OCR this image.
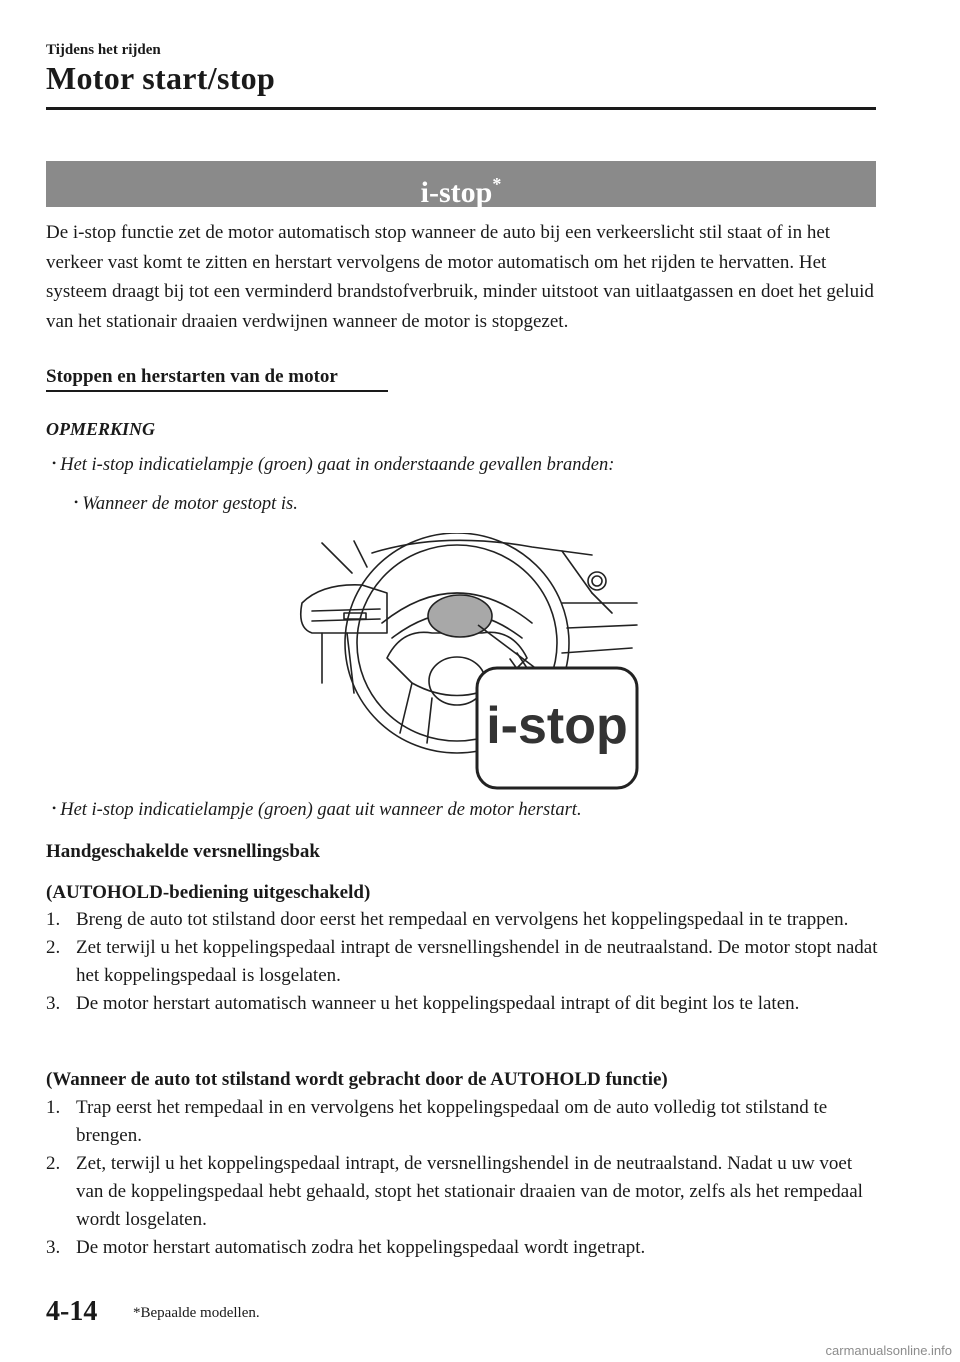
Tijdens het rijden
Motor start/stop
i-stop*
De i-stop functie zet de motor automatisch stop wanneer de auto bij een verkeerslicht stil staat of in het verkeer vast komt te zitten en herstart vervolgens de motor automatisch om het rijden te hervatten. Het systeem draagt bij tot een verminderd brandstofverbruik, minder uitstoot van uitlaatgassen en doet het geluid van het stationair draaien verdwijnen wanneer de motor is stopgezet.
Stoppen en herstarten van de motor
OPMERKING
• Het i-stop indicatielampje (groen) gaat in onderstaande gevallen branden:
• Wanneer de motor gestopt is.
i-stop
• Het i-stop indicatielampje (groen) gaat uit wanneer de motor herstart.
Handgeschakelde versnellingsbak
(AUTOHOLD-bediening uitgeschakeld)
1. Breng de auto tot stilstand door eerst het rempedaal en vervolgens het koppelingspedaal in te trappen.
2. Zet terwijl u het koppelingspedaal intrapt de versnellingshendel in de neutraalstand. De motor stopt nadat het koppelingspedaal is losgelaten.
3. De motor herstart automatisch wanneer u het koppelingspedaal intrapt of dit begint los te laten.
(Wanneer de auto tot stilstand wordt gebracht door de AUTOHOLD functie)
1. Trap eerst het rempedaal in en vervolgens het koppelingspedaal om de auto volledig tot stilstand te brengen.
2. Zet, terwijl u het koppelingspedaal intrapt, de versnellingshendel in de neutraalstand. Nadat u uw voet van de koppelingspedaal hebt gehaald, stopt het stationair draaien van de motor, zelfs als het rempedaal wordt losgelaten.
3. De motor herstart automatisch zodra het koppelingspedaal wordt ingetrapt.
4-14 *Bepaalde modellen.
carmanualsonline.info
